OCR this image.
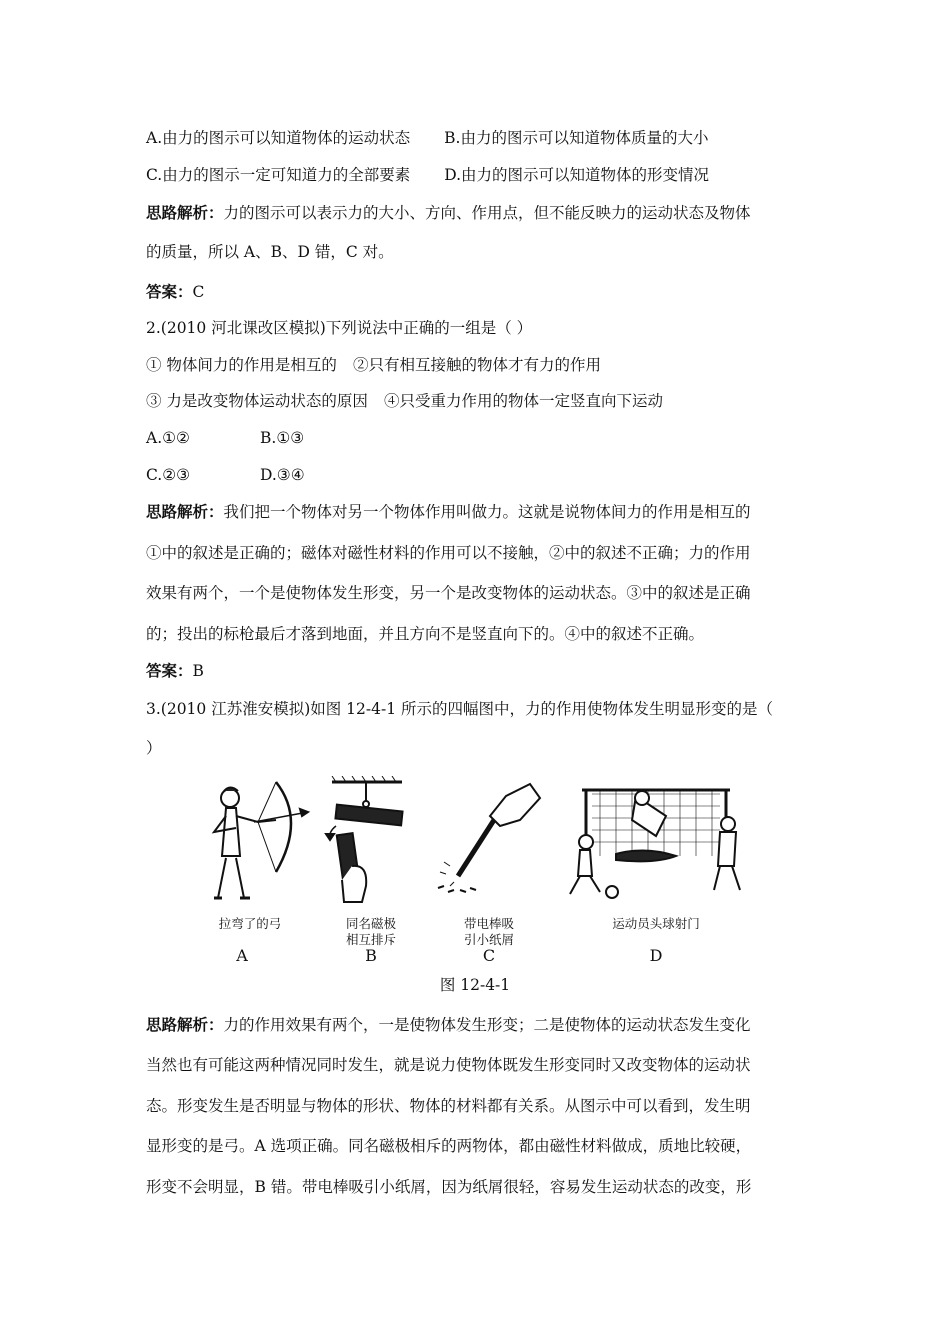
A.由力的图示可以知道物体的运动状态 B.由力的图示可以知道物体质量的大小
C.由力的图示一定可知道力的全部要素 D.由力的图示可以知道物体的形变情况
思路解析：力的图示可以表示力的大小、方向、作用点，但不能反映力的运动状态及物体
的质量，所以 A、B、D 错，C 对。
答案：C
2.(2010 河北课改区模拟)下列说法中正确的一组是（ ）
① 物体间力的作用是相互的 ②只有相互接触的物体才有力的作用
③ 力是改变物体运动状态的原因 ④只受重力作用的物体一定竖直向下运动
A.①②	B.①③
C.②③	D.③④
思路解析：我们把一个物体对另一个物体作用叫做力。这就是说物体间力的作用是相互的
①中的叙述是正确的；磁体对磁性材料的作用可以不接触，②中的叙述不正确；力的作用
效果有两个，一个是使物体发生形变，另一个是改变物体的运动状态。③中的叙述是正确
的；投出的标枪最后才落到地面，并且方向不是竖直向下的。④中的叙述不正确。
答案：B
3.(2010 江苏淮安模拟)如图 12-4-1 所示的四幅图中，力的作用使物体发生明显形变的是（
）
拉弯了的弓	同名磁极
相互排斥
带电棒吸
引小纸屑
运动员头球射门
A	B	C	D
图 12-4-1
思路解析：力的作用效果有两个，一是使物体发生形变；二是使物体的运动状态发生变化
当然也有可能这两种情况同时发生，就是说力使物体既发生形变同时又改变物体的运动状
态。形变发生是否明显与物体的形状、物体的材料都有关系。从图示中可以看到，发生明
显形变的是弓。A 选项正确。同名磁极相斥的两物体，都由磁性材料做成，质地比较硬，
形变不会明显，B 错。带电棒吸引小纸屑，因为纸屑很轻，容易发生运动状态的改变，形
